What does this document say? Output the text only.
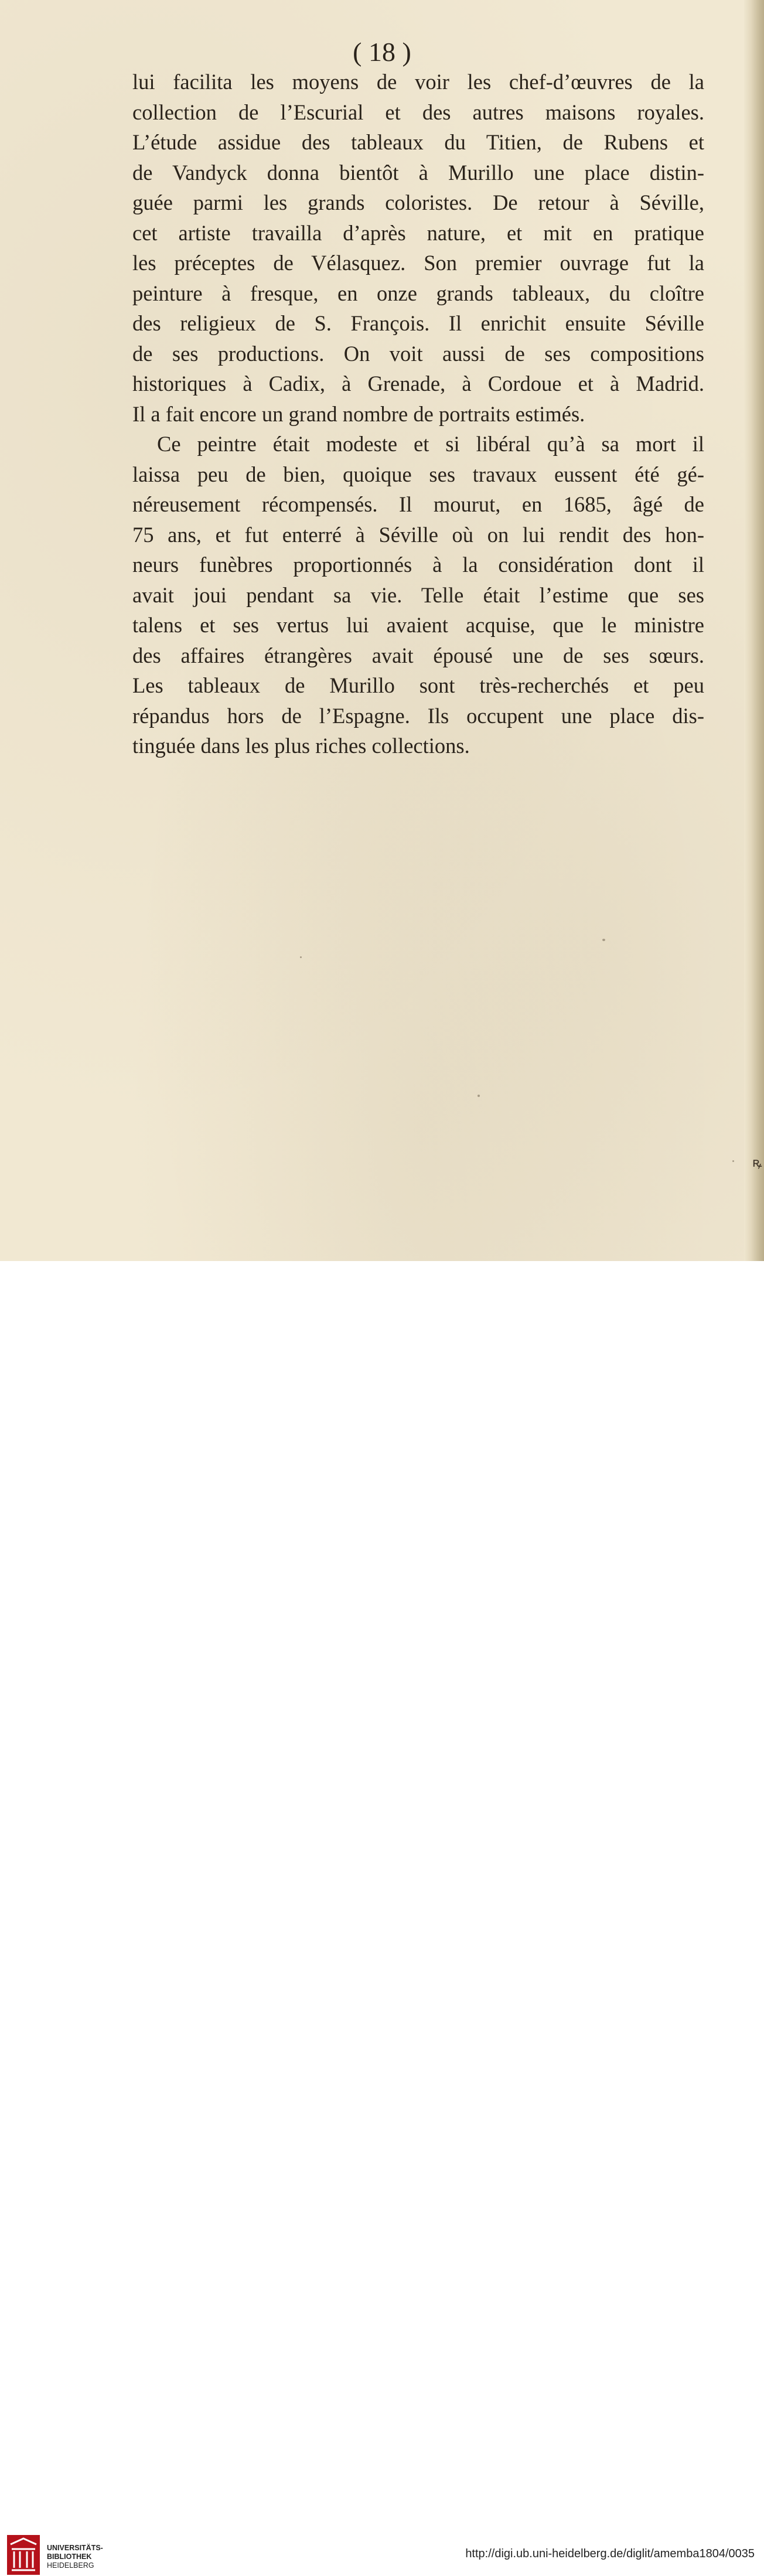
( 18 )

lui facilita les moyens de voir les chef-d’œuvres de la
collection de l’Escurial et des autres maisons royales.
L’étude assidue des tableaux du Titien, de Rubens et
de Vandyck donna bientôt à Murillo une place distin-
guée parmi les grands coloristes. De retour à Séville,
cet artiste travailla d’après nature, et mit en pratique
les préceptes de Vélasquez. Son premier ouvrage fut la
peinture à fresque, en onze grands tableaux, du cloître
des religieux de S. François. Il enrichit ensuite Séville
de ses productions. On voit aussi de ses compositions
historiques à Cadix, à Grenade, à Cordoue et à Madrid.
Il a fait encore un grand nombre de portraits estimés.
Ce peintre était modeste et si libéral qu’à sa mort il
laissa peu de bien, quoique ses travaux eussent été gé-
néreusement récompensés. Il mourut, en 1685, âgé de
75 ans, et fut enterré à Séville où on lui rendit des hon-
neurs funèbres proportionnés à la considération dont il
avait joui pendant sa vie. Telle était l’estime que ses
talens et ses vertus lui avaient acquise, que le ministre
des affaires étrangères avait épousé une de ses sœurs.
Les tableaux de Murillo sont très-recherchés et peu
répandus hors de l’Espagne. Ils occupent une place dis-
tinguée dans les plus riches collections.
ꝶ
UNIVERSITÄTS-
BIBLIOTHEK
HEIDELBERG

http://digi.ub.uni-heidelberg.de/diglit/amemba1804/0035
